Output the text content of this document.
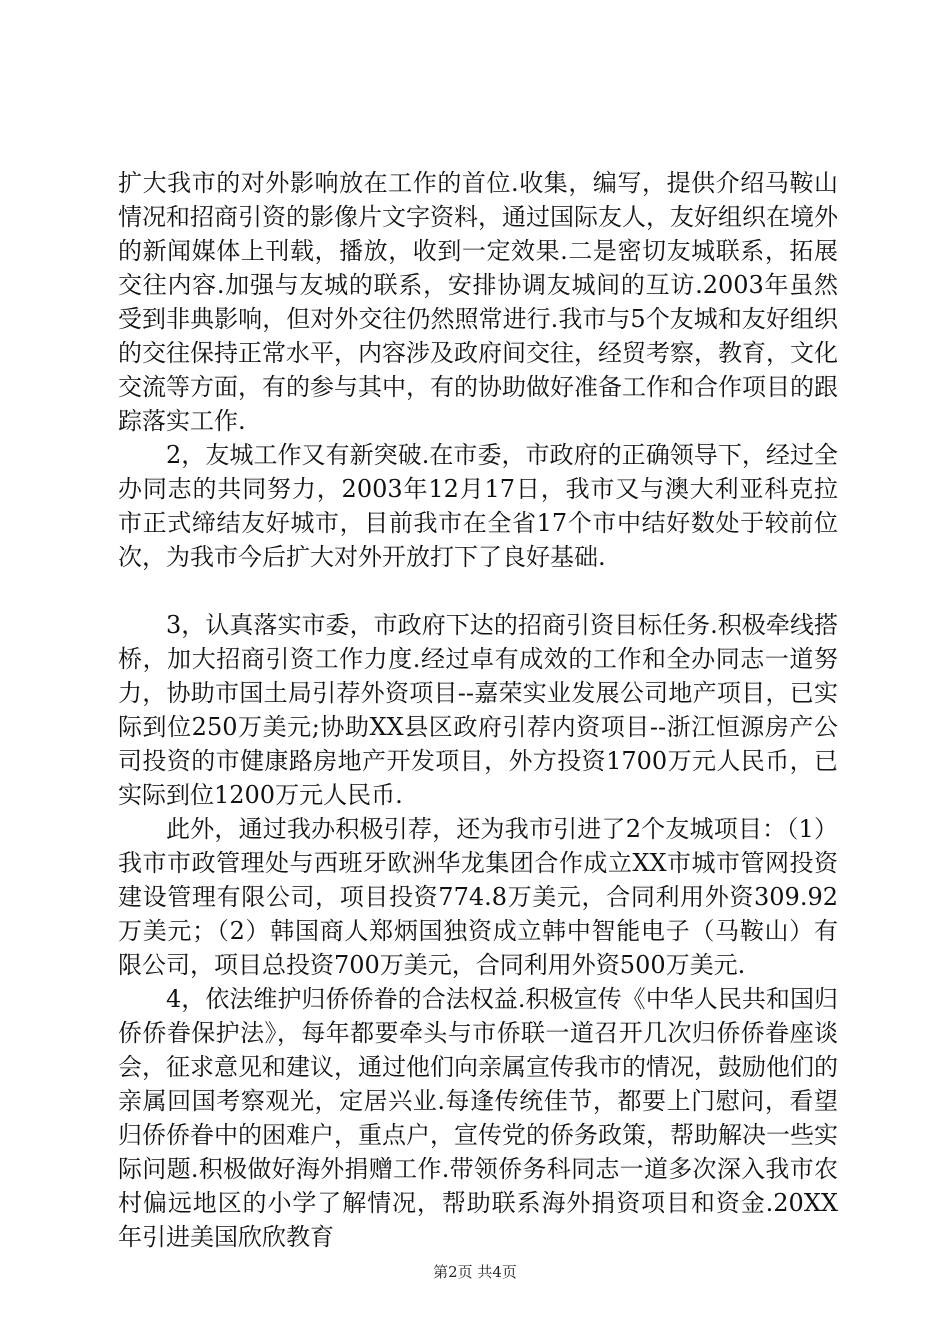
扩大我市的对外影响放在工作的首位.收集，编写，提供介绍马鞍山情况和招商引资的影像片文字资料，通过国际友人，友好组织在境外的新闻媒体上刊载，播放，收到一定效果.二是密切友城联系，拓展交往内容.加强与友城的联系，安排协调友城间的互访.2003年虽然受到非典影响，但对外交往仍然照常进行.我市与5个友城和友好组织的交往保持正常水平，内容涉及政府间交往，经贸考察，教育，文化交流等方面，有的参与其中，有的协助做好准备工作和合作项目的跟踪落实工作.

2，友城工作又有新突破.在市委，市政府的正确领导下，经过全办同志的共同努力，2003年12月17日，我市又与澳大利亚科克拉市正式缔结友好城市，目前我市在全省17个市中结好数处于较前位次，为我市今后扩大对外开放打下了良好基础.

3，认真落实市委，市政府下达的招商引资目标任务.积极牵线搭桥，加大招商引资工作力度.经过卓有成效的工作和全办同志一道努力，协助市国土局引荐外资项目--嘉荣实业发展公司地产项目，已实际到位250万美元;协助XX县区政府引荐内资项目--浙江恒源房产公司投资的市健康路房地产开发项目，外方投资1700万元人民币，已实际到位1200万元人民币.

此外，通过我办积极引荐，还为我市引进了2个友城项目：（1）我市市政管理处与西班牙欧洲华龙集团合作成立XX市城市管网投资建设管理有限公司，项目投资774.8万美元，合同利用外资309.92万美元；（2）韩国商人郑炳国独资成立韩中智能电子（马鞍山）有限公司，项目总投资700万美元，合同利用外资500万美元.

4，依法维护归侨侨眷的合法权益.积极宣传《中华人民共和国归侨侨眷保护法》，每年都要牵头与市侨联一道召开几次归侨侨眷座谈会，征求意见和建议，通过他们向亲属宣传我市的情况，鼓励他们的亲属回国考察观光，定居兴业.每逢传统佳节，都要上门慰问，看望归侨侨眷中的困难户，重点户，宣传党的侨务政策，帮助解决一些实际问题.积极做好海外捐赠工作.带领侨务科同志一道多次深入我市农村偏远地区的小学了解情况，帮助联系海外捐资项目和资金.20XX年引进美国欣欣教育

第2页 共4页
